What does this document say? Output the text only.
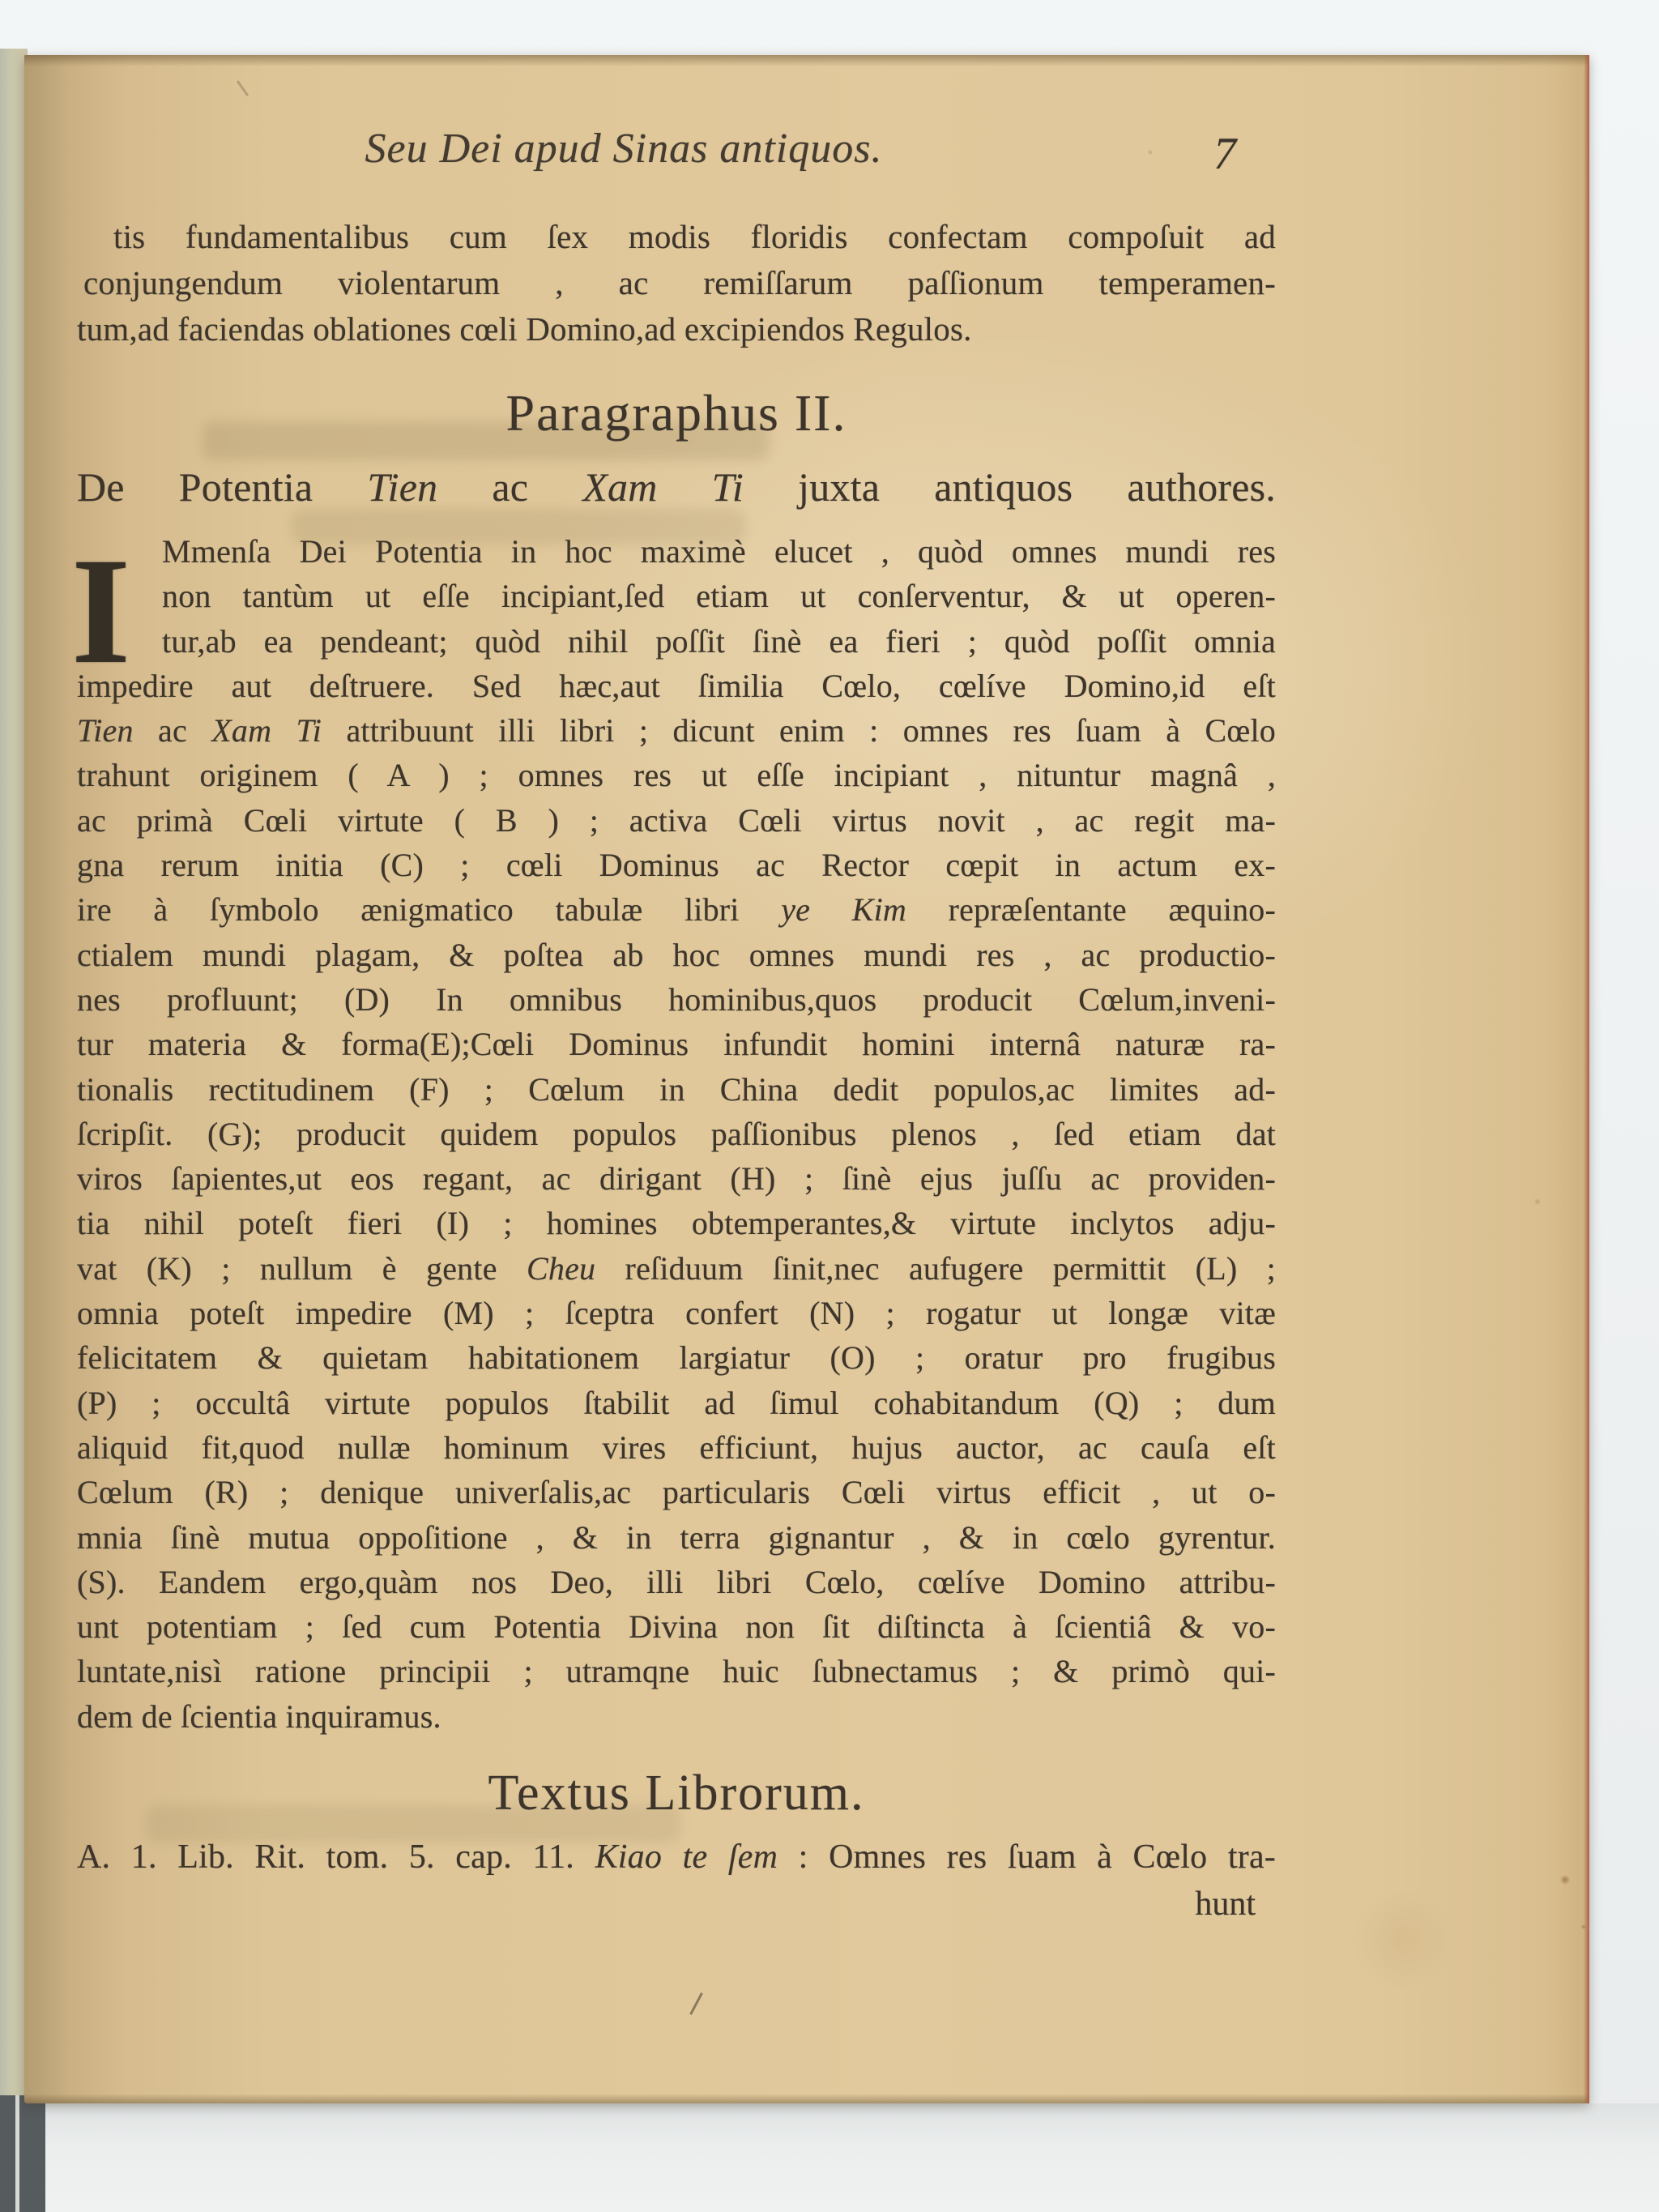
Seu Dei apud Sinas antiquos.	7
tis fundamentalibus cum ſex modis floridis confectam compoſuit ad
conjungendum violentarum , ac remiſſarum paſſionum temperamen-
tum,ad faciendas oblationes cœli Domino,ad excipiendos Regulos.
Paragraphus II.
De Potentia Tien ac Xam Ti juxta antiquos authores.
I Mmenſa Dei Potentia in hoc maximè elucet , quòd omnes mundi res
non tantùm ut eſſe incipiant,ſed etiam ut conſerventur, & ut operen-
tur,ab ea pendeant; quòd nihil poſſit ſinè ea fieri ; quòd poſſit omnia
impedire aut deſtruere. Sed hæc,aut ſimilia Cœlo, cœlíve Domino,id eſt
Tien ac Xam Ti attribuunt illi libri ; dicunt enim : omnes res ſuam à Cœlo
trahunt originem ( A ) ; omnes res ut eſſe incipiant , nituntur magnâ ,
ac primà Cœli virtute ( B ) ; activa Cœli virtus novit , ac regit ma-
gna rerum initia (C) ; cœli Dominus ac Rector cœpit in actum ex-
ire à ſymbolo ænigmatico tabulæ libri ye Kim repræſentante æquino-
ctialem mundi plagam, & poſtea ab hoc omnes mundi res , ac productio-
nes profluunt; (D) In omnibus hominibus,quos producit Cœlum,inveni-
tur materia & forma(E);Cœli Dominus infundit homini internâ naturæ ra-
tionalis rectitudinem (F) ; Cœlum in China dedit populos,ac limites ad-
ſcripſit. (G); producit quidem populos paſſionibus plenos , ſed etiam dat
viros ſapientes,ut eos regant, ac dirigant (H) ; ſinè ejus juſſu ac providen-
tia nihil poteſt fieri (I) ; homines obtemperantes,& virtute inclytos adju-
vat (K) ; nullum è gente Cheu reſiduum ſinit,nec aufugere permittit (L) ;
omnia poteſt impedire (M) ; ſceptra confert (N) ; rogatur ut longæ vitæ
felicitatem & quietam habitationem largiatur (O) ; oratur pro frugibus
(P) ; occultâ virtute populos ſtabilit ad ſimul cohabitandum (Q) ; dum
aliquid fit,quod nullæ hominum vires efficiunt, hujus auctor, ac cauſa eſt
Cœlum (R) ; denique univerſalis,ac particularis Cœli virtus efficit , ut o-
mnia ſinè mutua oppoſitione , & in terra gignantur , & in cœlo gyrentur.
(S). Eandem ergo,quàm nos Deo, illi libri Cœlo, cœlíve Domino attribu-
unt potentiam ; ſed cum Potentia Divina non ſit diſtincta à ſcientiâ & vo-
luntate,nisì ratione principii ; utramqne huic ſubnectamus ; & primò qui-
dem de ſcientia inquiramus.
Textus Librorum.
A. 1. Lib. Rit. tom. 5. cap. 11. Kiao te ſem : Omnes res ſuam à Cœlo tra-
hunt
